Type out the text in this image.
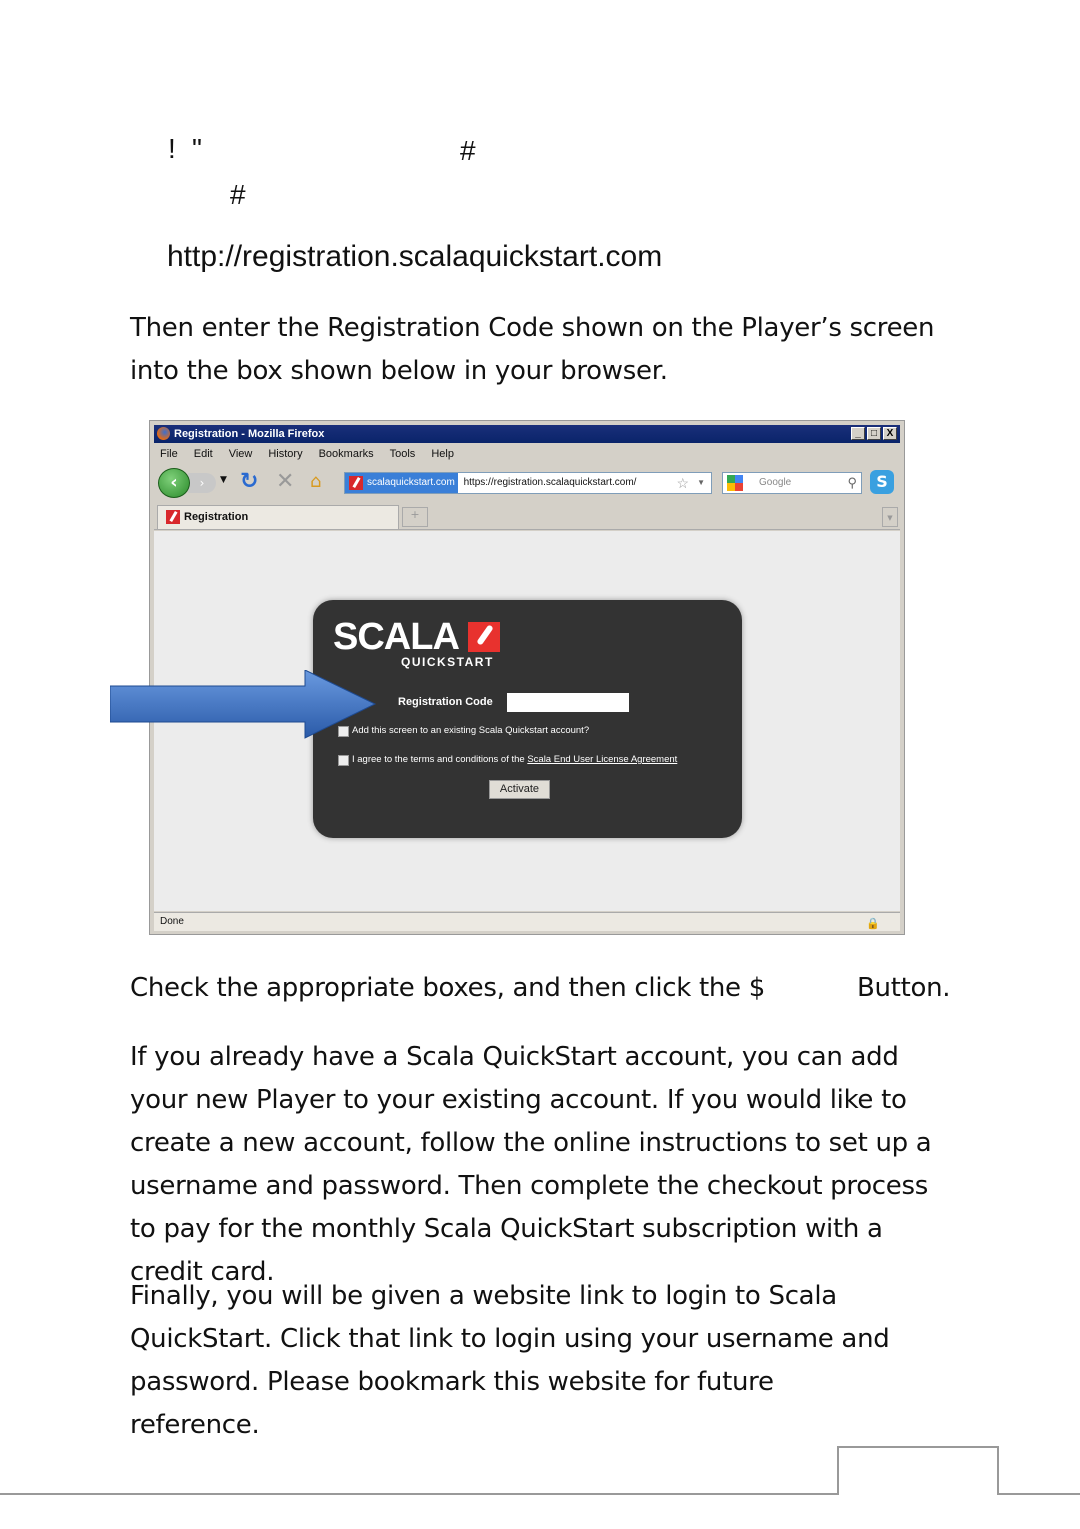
! "	#
#
http://registration.scalaquickstart.com
Then enter the Registration Code shown on the Player’s screen into the box shown below in your browser.
Registration - Mozilla Firefox	_	□ X
File Edit View History Bookmarks Tools Help
›
‹	▼ ↻ ✕ ⌂	scalaquickstart.com https://registration.scalaquickstart.com/	☆ ▼	Google	⚲	S
Registration	+	▼
Done	🔒
SCALA
QUICKSTART
Registration Code
Add this screen to an existing Scala Quickstart account?
I agree to the terms and conditions of the Scala End User License Agreement
Activate
Check the appropriate boxes, and then click the $	Button.
If you already have a Scala QuickStart account, you can add your new Player to your existing account. If you would like to create a new account, follow the online instructions to set up a username and password. Then complete the checkout process to pay for the monthly Scala QuickStart subscription with a credit card.
Finally, you will be given a website link to login to Scala QuickStart. Click that link to login using your username and password. Please bookmark this website for future reference.
